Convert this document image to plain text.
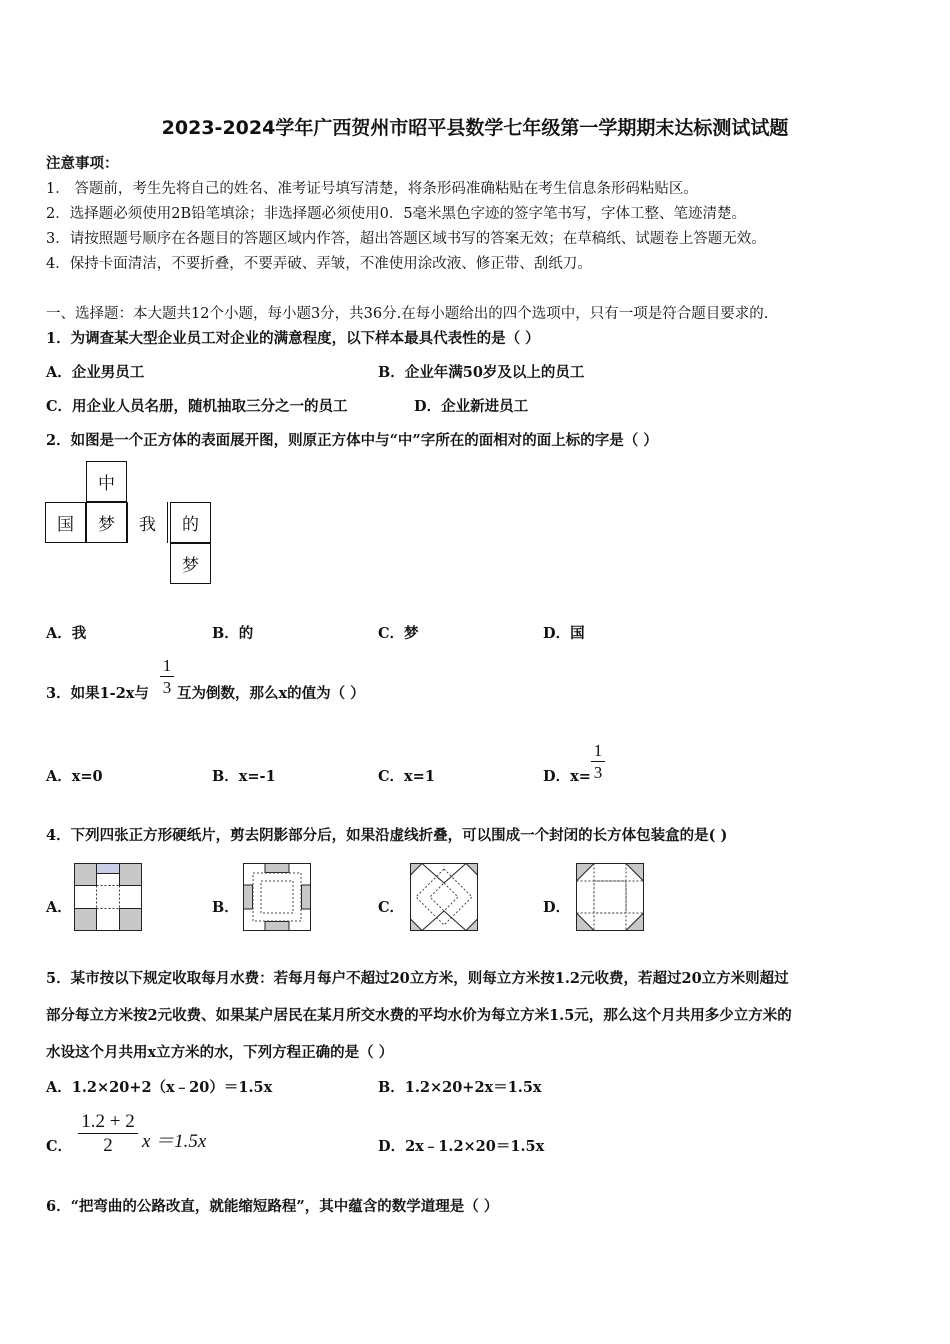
2023-2024学年广西贺州市昭平县数学七年级第一学期期末达标测试试题
注意事项：
1． 答题前，考生先将自己的姓名、准考证号填写清楚，将条形码准确粘贴在考生信息条形码粘贴区。
2．选择题必须使用2B铅笔填涂；非选择题必须使用0．5毫米黑色字迹的签字笔书写，字体工整、笔迹清楚。
3．请按照题号顺序在各题目的答题区域内作答，超出答题区域书写的答案无效；在草稿纸、试题卷上答题无效。
4．保持卡面清洁，不要折叠，不要弄破、弄皱，不准使用涂改液、修正带、刮纸刀。
一、选择题：本大题共12个小题，每小题3分，共36分.在每小题给出的四个选项中，只有一项是符合题目要求的.
1．为调查某大型企业员工对企业的满意程度，以下样本最具代表性的是（ ）
A．企业男员工	B．企业年满50岁及以上的员工
C．用企业人员名册，随机抽取三分之一的员工	D．企业新进员工
2．如图是一个正方体的表面展开图，则原正方体中与“中”字所在的面相对的面上标的字是（ ）
中
国	梦	我	的
梦
A．我	B．的	C．梦	D．国
3．如果1-2x与
1
3 互为倒数，那么x的值为（ ）
A．x=0	B．x=-1	C．x=1	D．x=
1
3
4．下列四张正方形硬纸片，剪去阴影部分后，如果沿虚线折叠，可以围成一个封闭的长方体包装盒的是( )
A．	B．	C．	D．
5．某市按以下规定收取每月水费：若每月每户不超过20立方米，则每立方米按1.2元收费，若超过20立方米则超过
部分每立方米按2元收费、如果某户居民在某月所交水费的平均水价为每立方米1.5元，那么这个月共用多少立方米的
水设这个月共用x立方米的水，下列方程正确的是（ ）
A．1.2×20+2（x﹣20）＝1.5x	B．1.2×20+2x＝1.5x
C．
1.2 + 2
2	x ＝1.5x	D．2x﹣1.2×20＝1.5x
6．“把弯曲的公路改直，就能缩短路程”，其中蕴含的数学道理是（ ）
